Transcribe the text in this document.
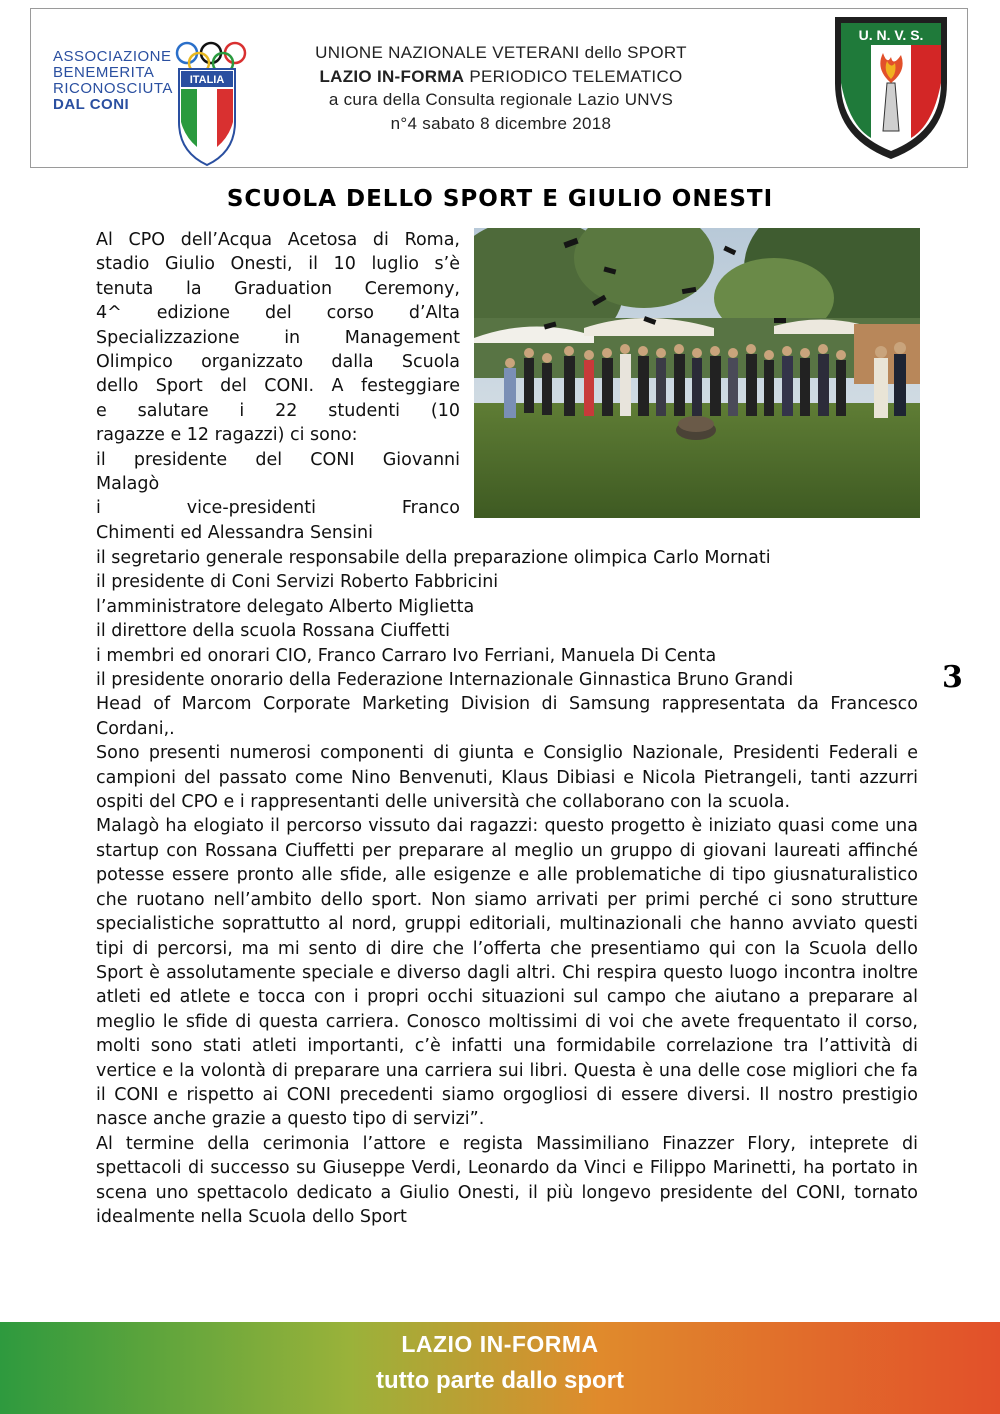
ASSOCIAZIONE
BENEMERITA
RICONOSCIUTA
DAL CONI
ITALIA
UNIONE NAZIONALE VETERANI dello SPORT
LAZIO IN-FORMA PERIODICO TELEMATICO
a cura della Consulta regionale Lazio UNVS
n°4 sabato 8 dicembre 2018
U. N. V. S.
SCUOLA DELLO SPORT E GIULIO ONESTI
Al CPO dell’Acqua Acetosa di Roma,
stadio Giulio Onesti, il 10 luglio s’è
tenuta la Graduation Ceremony,
4^ edizione del corso d’Alta
Specializzazione in Management
Olimpico organizzato dalla Scuola
dello Sport del CONI. A festeggiare
e salutare i 22 studenti (10
ragazze e 12 ragazzi) ci sono:
il presidente del CONI Giovanni
Malagò
i vice-presidenti Franco
Chimenti ed Alessandra Sensini
il segretario generale responsabile della preparazione olimpica Carlo Mornati
il presidente di Coni Servizi Roberto Fabbricini
l’amministratore delegato Alberto Miglietta
il direttore della scuola Rossana Ciuffetti
i membri ed onorari CIO, Franco Carraro Ivo Ferriani, Manuela Di Centa
il presidente onorario della Federazione Internazionale Ginnastica Bruno Grandi
Head of Marcom Corporate Marketing Division di Samsung rappresentata da Francesco Cordani,.
Sono presenti numerosi componenti di giunta e Consiglio Nazionale, Presidenti Federali e campioni del passato come Nino Benvenuti, Klaus Dibiasi e Nicola Pietrangeli, tanti azzurri ospiti del CPO e i rappresentanti delle università che collaborano con la scuola.
Malagò ha elogiato il percorso vissuto dai ragazzi: questo progetto è iniziato quasi come una startup con Rossana Ciuffetti per preparare al meglio un gruppo di giovani laureati affinché potesse essere pronto alle sfide, alle esigenze e alle problematiche di tipo giusnaturalistico che ruotano nell’ambito dello sport. Non siamo arrivati per primi perché ci sono strutture specialistiche soprattutto al nord, gruppi editoriali, multinazionali che hanno avviato questi tipi di percorsi, ma mi sento di dire che l’offerta che presentiamo qui con la Scuola dello Sport è assolutamente speciale e diverso dagli altri. Chi respira questo luogo incontra inoltre atleti ed atlete e tocca con i propri occhi situazioni sul campo che aiutano a preparare al meglio le sfide di questa carriera. Conosco moltissimi di voi che avete frequentato il corso, molti sono stati atleti importanti, c’è infatti una formidabile correlazione tra l’attività di vertice e la volontà di preparare una carriera sui libri. Questa è una delle cose migliori che fa il CONI e rispetto ai CONI precedenti siamo orgogliosi di essere diversi. Il nostro prestigio nasce anche grazie a questo tipo di servizi”.
Al termine della cerimonia l’attore e regista Massimiliano Finazzer Flory, inteprete di spettacoli di successo su Giuseppe Verdi, Leonardo da Vinci e Filippo Marinetti, ha portato in scena uno spettacolo dedicato a Giulio Onesti, il più longevo presidente del CONI, tornato idealmente nella Scuola dello Sport
3
LAZIO IN-FORMA
tutto parte dallo sport
